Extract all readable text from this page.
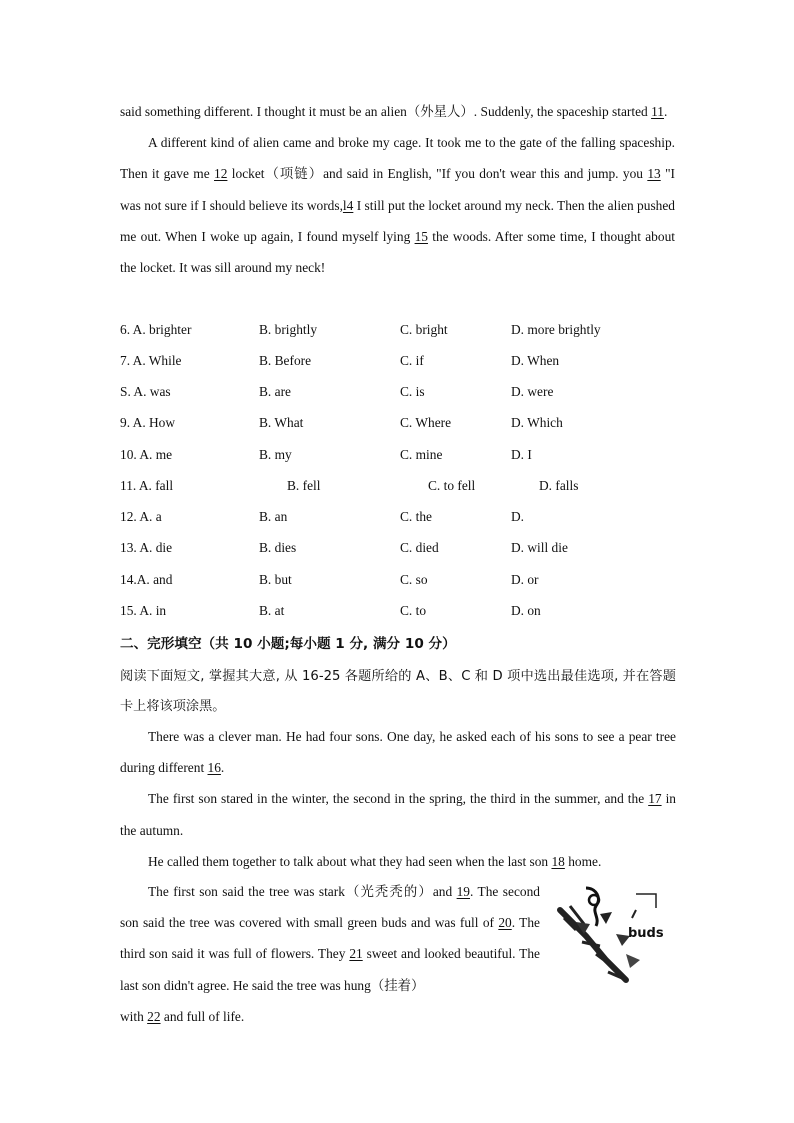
said something different. I thought it must be an alien（外星人）. Suddenly, the spaceship started 11.

A different kind of alien came and broke my cage. It took me to the gate of the falling spaceship. Then it gave me 12 locket（项链）and said in English, "If you don't wear this and jump. you 13 "I was not sure if I should believe its words,l4 I still put the locket around my neck. Then the alien pushed me out. When I woke up again, I found myself lying 15 the woods. After some time, I thought about the locket. It was sill around my neck!

6. A. brighter	B. brightly	C. bright	D. more brightly
7. A. While	B. Before	C. if	D. When
S. A. was	B. are	C. is	D. were
9. A. How	B. What	C. Where	D. Which
10. A. me	B. my	C. mine	D. I
11. A. fall	B. fell	C. to fell	D. falls
12. A. a	B. an	C. the	D.
13. A. die	B. dies	C. died	D. will die
14.A. and	B. but	C. so	D. or
15. A. in	B. at	C. to	D. on
二、完形填空（共 10 小题;每小题 1 分, 满分 10 分）
阅读下面短文, 掌握其大意, 从 16-25 各题所给的 A、B、C 和 D 项中选出最佳选项, 并在答题卡上将该项涂黑。

There was a clever man. He had four sons. One day, he asked each of his sons to see a pear tree during different 16.

The first son stared in the winter, the second in the spring, the third in the summer, and the 17 in the autumn.

He called them together to talk about what they had seen when the last son 18 home.

The first son said the tree was stark（光秃秃的）and 19. The second son said the tree was covered with small green buds and was full of 20. The third son said it was full of flowers. They 21 sweet and looked beautiful. The last son didn't agree. He said the tree was hung（挂着）

with 22 and full of life.

buds
